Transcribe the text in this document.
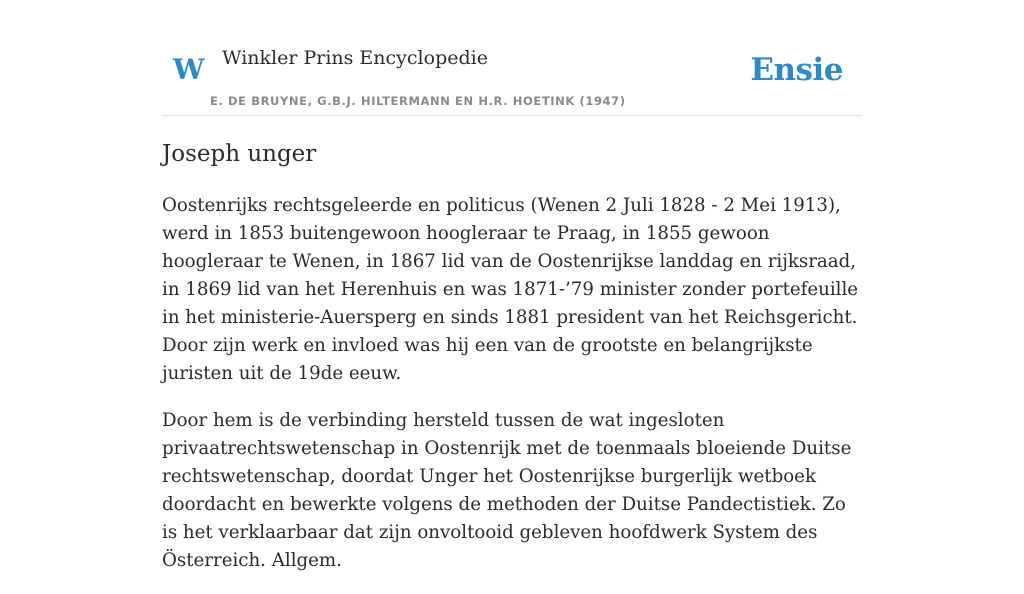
W Winkler Prins Encyclopedie
E. DE BRUYNE, G.B.J. HILTERMANN EN H.R. HOETINK (1947)
Ensie
Joseph unger

Oostenrijks rechtsgeleerde en politicus (Wenen 2 Juli 1828 - 2 Mei 1913), werd in 1853 buitengewoon hoogleraar te Praag, in 1855 gewoon hoogleraar te Wenen, in 1867 lid van de Oostenrijkse landdag en rijksraad, in 1869 lid van het Herenhuis en was 1871-’79 minister zonder portefeuille in het ministerie-Auersperg en sinds 1881 president van het Reichsgericht. Door zijn werk en invloed was hij een van de grootste en belangrijkste juristen uit de 19de eeuw.

Door hem is de verbinding hersteld tussen de wat ingesloten privaatrechtswetenschap in Oostenrijk met de toenmaals bloeiende Duitse rechtswetenschap, doordat Unger het Oostenrijkse burgerlijk wetboek doordacht en bewerkte volgens de methoden der Duitse Pandectistiek. Zo is het verklaarbaar dat zijn onvoltooid gebleven hoofdwerk System des Österreich. Allgem.
